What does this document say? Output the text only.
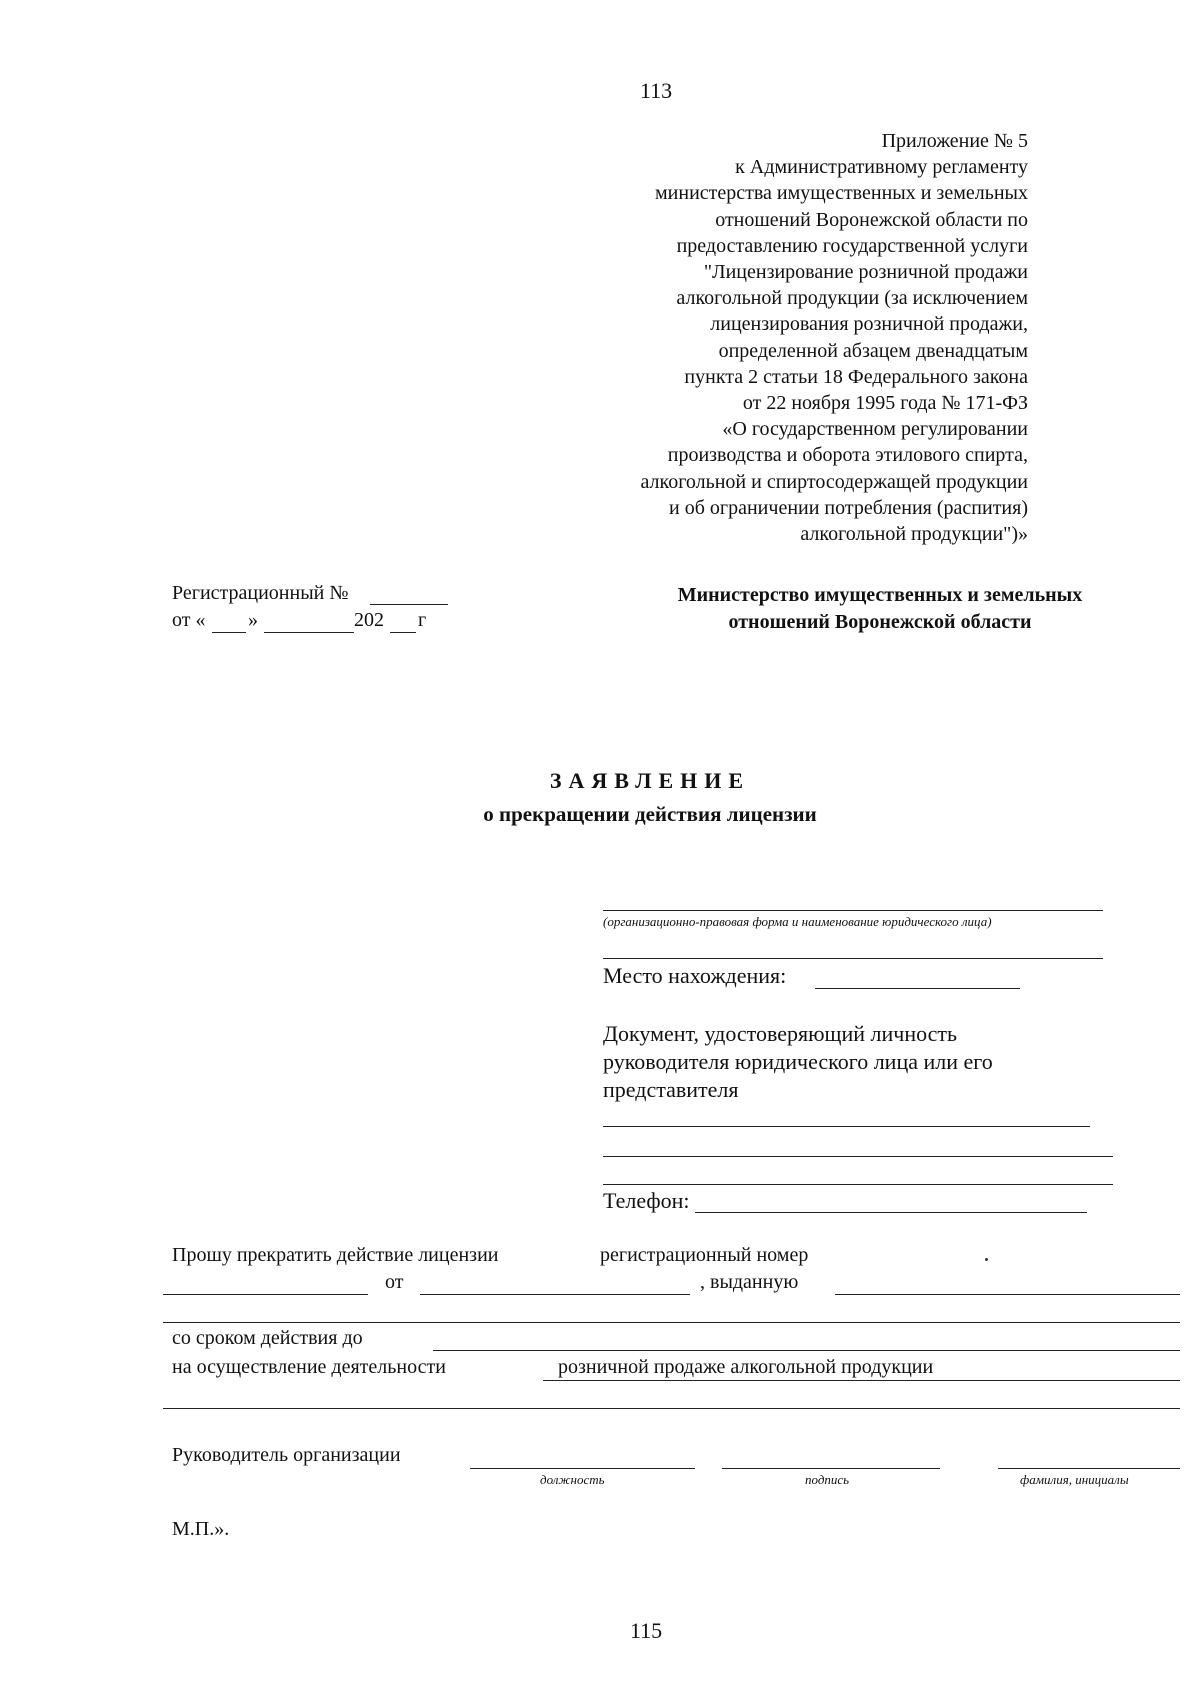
113
115
Приложение № 5
к Административному регламенту
министерства имущественных и земельных
отношений Воронежской области по
предоставлению государственной услуги
"Лицензирование розничной продажи
алкогольной продукции (за исключением
лицензирования розничной продажи,
определенной абзацем двенадцатым
пункта 2 статьи 18 Федерального закона
от 22 ноября 1995 года № 171-ФЗ
«О государственном регулировании
производства и оборота этилового спирта,
алкогольной и спиртосодержащей продукции
и об ограничении потребления (распития)
алкогольной продукции")»
Регистрационный №
от « »	202 г
Министерство имущественных и земельных
отношений Воронежской области
ЗАЯВЛЕНИЕ
о прекращении действия лицензии
(организационно-правовая форма и наименование юридического лица)
Место нахождения:
Документ, удостоверяющий личность
руководителя юридического лица или его
представителя
Телефон:
Прошу прекратить действие лицензии	регистрационный номер
от	, выданную
со сроком действия до
на осуществление деятельности	розничной продаже алкогольной продукции
Руководитель организации
должность	подпись	фамилия, инициалы
М.П.».
